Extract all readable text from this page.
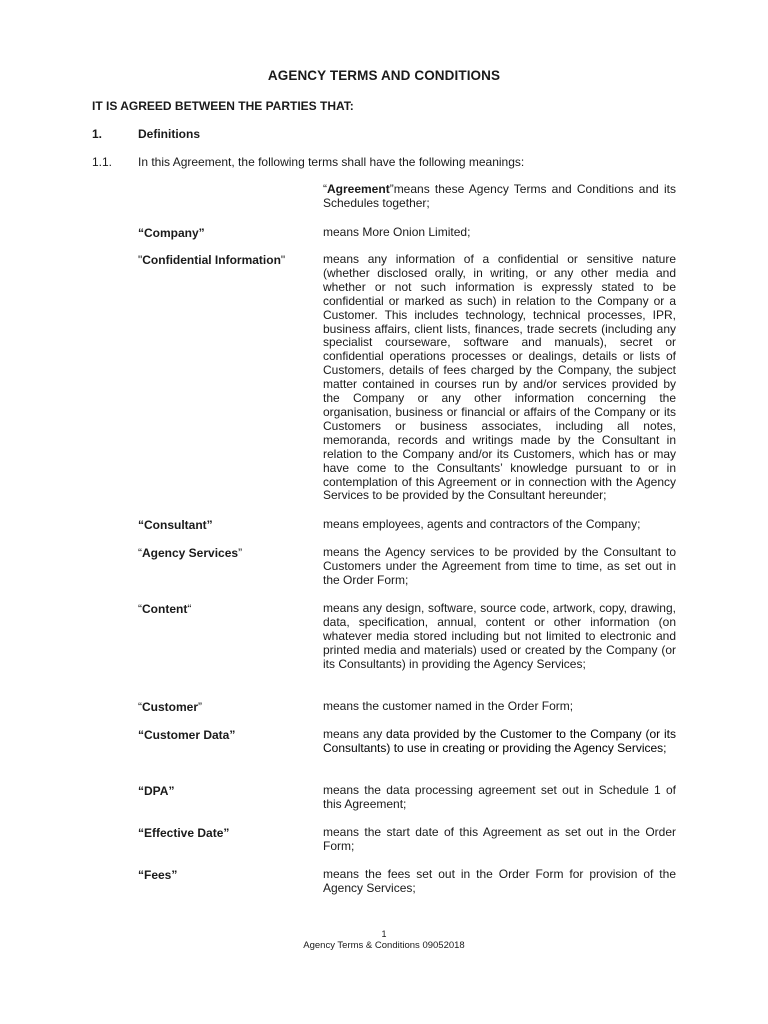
AGENCY TERMS AND CONDITIONS
IT IS AGREED BETWEEN THE PARTIES THAT:
1.	Definitions
1.1. In this Agreement, the following terms shall have the following meanings:
“Agreement”means these Agency Terms and Conditions and its Schedules together;
“Company”	means More Onion Limited;
"Confidential Information"	means any information of a confidential or sensitive nature (whether disclosed orally, in writing, or any other media and whether or not such information is expressly stated to be confidential or marked as such) in relation to the Company or a Customer. This includes technology, technical processes, IPR, business affairs, client lists, finances, trade secrets (including any specialist courseware, software and manuals), secret or confidential operations processes or dealings, details or lists of Customers, details of fees charged by the Company, the subject matter contained in courses run by and/or services provided by the Company or any other information concerning the organisation, business or financial or affairs of the Company or its Customers or business associates, including all notes, memoranda, records and writings made by the Consultant in relation to the Company and/or its Customers, which has or may have come to the Consultants’ knowledge pursuant to or in contemplation of this Agreement or in connection with the Agency Services to be provided by the Consultant hereunder;
“Consultant”	means employees, agents and contractors of the Company;
“Agency Services”	means the Agency services to be provided by the Consultant to Customers under the Agreement from time to time, as set out in the Order Form;
“Content“	means any design, software, source code, artwork, copy, drawing, data, specification, annual, content or other information (on whatever media stored including but not limited to electronic and printed media and materials) used or created by the Company (or its Consultants) in providing the Agency Services;
“Customer”	means the customer named in the Order Form;
“Customer Data”	means any data provided by the Customer to the Company (or its Consultants) to use in creating or providing the Agency Services;
“DPA”	means the data processing agreement set out in Schedule 1 of this Agreement;
“Effective Date”	means the start date of this Agreement as set out in the Order Form;
“Fees”	means the fees set out in the Order Form for provision of the Agency Services;
1
Agency Terms & Conditions 09052018
